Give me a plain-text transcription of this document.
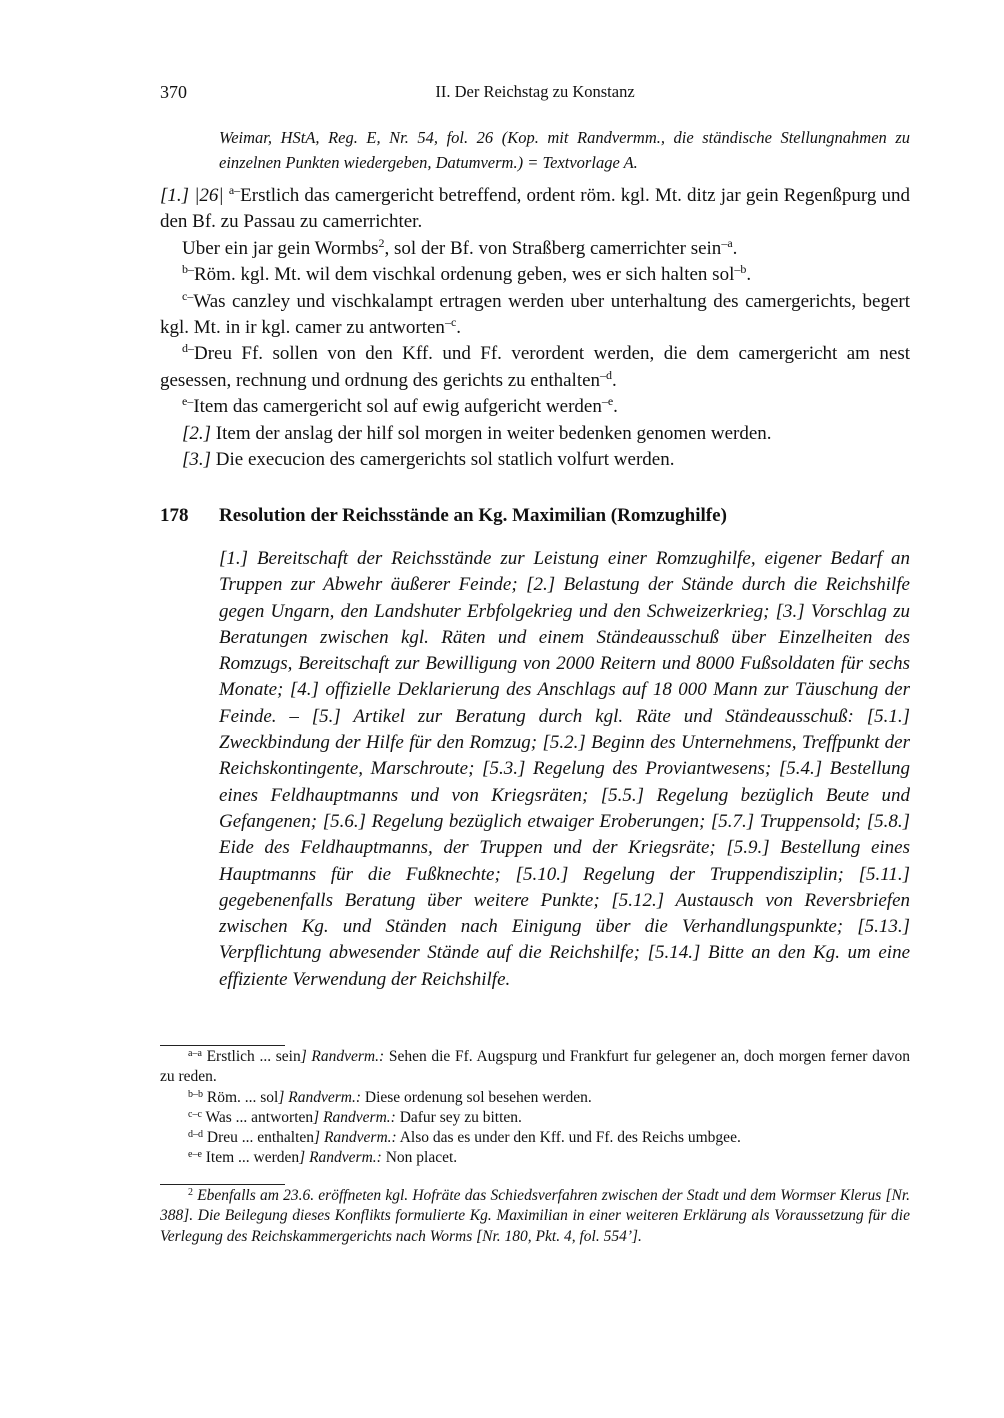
370	II. Der Reichstag zu Konstanz
Weimar, HStA, Reg. E, Nr. 54, fol. 26 (Kop. mit Randvermm., die ständische Stellungnahmen zu einzelnen Punkten wiedergeben, Datumverm.) = Textvorlage A.

[1.] |26| $^{a-}$Erstlich das camergericht betreffend, ordent röm. kgl. Mt. ditz jar gein Regenßpurg und den Bf. zu Passau zu camerrichter.

Uber ein jar gein Wormbs$^2$, sol der Bf. von Straßberg camerrichter sein$^{-a}$.

$^{b-}$Röm. kgl. Mt. wil dem vischkal ordenung geben, wes er sich halten sol$^{-b}$.

$^{c-}$Was canzley und vischkalampt ertragen werden uber unterhaltung des camergerichts, begert kgl. Mt. in ir kgl. camer zu antworten$^{-c}$.

$^{d-}$Dreu Ff. sollen von den Kff. und Ff. verordent werden, die dem camergericht am nest gesessen, rechnung und ordnung des gerichts zu enthalten$^{-d}$.

$^{e-}$Item das camergericht sol auf ewig aufgericht werden$^{-e}$.

[2.] Item der anslag der hilf sol morgen in weiter bedenken genomen werden.

[3.] Die execucion des camergerichts sol statlich volfurt werden.

178 Resolution der Reichsstände an Kg. Maximilian (Romzughilfe)
[1.] Bereitschaft der Reichsstände zur Leistung einer Romzughilfe, eigener Bedarf an Truppen zur Abwehr äußerer Feinde; [2.] Belastung der Stände durch die Reichshilfe gegen Ungarn, den Landshuter Erbfolgekrieg und den Schweizerkrieg; [3.] Vorschlag zu Beratungen zwischen kgl. Räten und einem Ständeausschuß über Einzelheiten des Romzugs, Bereitschaft zur Bewilligung von 2000 Reitern und 8000 Fußsoldaten für sechs Monate; [4.] offizielle Deklarierung des Anschlags auf 18 000 Mann zur Täuschung der Feinde. – [5.] Artikel zur Beratung durch kgl. Räte und Ständeausschuß: [5.1.] Zweckbindung der Hilfe für den Romzug; [5.2.] Beginn des Unternehmens, Treffpunkt der Reichskontingente, Marschroute; [5.3.] Regelung des Proviantwesens; [5.4.] Bestellung eines Feldhauptmanns und von Kriegsräten; [5.5.] Regelung bezüglich Beute und Gefangenen; [5.6.] Regelung bezüglich etwaiger Eroberungen; [5.7.] Truppensold; [5.8.] Eide des Feldhauptmanns, der Truppen und der Kriegsräte; [5.9.] Bestellung eines Hauptmanns für die Fußknechte; [5.10.] Regelung der Truppendisziplin; [5.11.] gegebenenfalls Beratung über weitere Punkte; [5.12.] Austausch von Reversbriefen zwischen Kg. und Ständen nach Einigung über die Verhandlungspunkte; [5.13.] Verpflichtung abwesender Stände auf die Reichshilfe; [5.14.] Bitte an den Kg. um eine effiziente Verwendung der Reichshilfe.

$^{a-a}$ Erstlich ... sein] Randverm.: Sehen die Ff. Augspurg und Frankfurt fur gelegener an, doch morgen ferner davon zu reden.

$^{b-b}$ Röm. ... sol] Randverm.: Diese ordenung sol besehen werden.

$^{c-c}$ Was ... antworten] Randverm.: Dafur sey zu bitten.

$^{d-d}$ Dreu ... enthalten] Randverm.: Also das es under den Kff. und Ff. des Reichs umbgee.

$^{e-e}$ Item ... werden] Randverm.: Non placet.

$^2$ Ebenfalls am 23.6. eröffneten kgl. Hofräte das Schiedsverfahren zwischen der Stadt und dem Wormser Klerus [Nr. 388]. Die Beilegung dieses Konflikts formulierte Kg. Maximilian in einer weiteren Erklärung als Voraussetzung für die Verlegung des Reichskammergerichts nach Worms [Nr. 180, Pkt. 4, fol. 554’].
